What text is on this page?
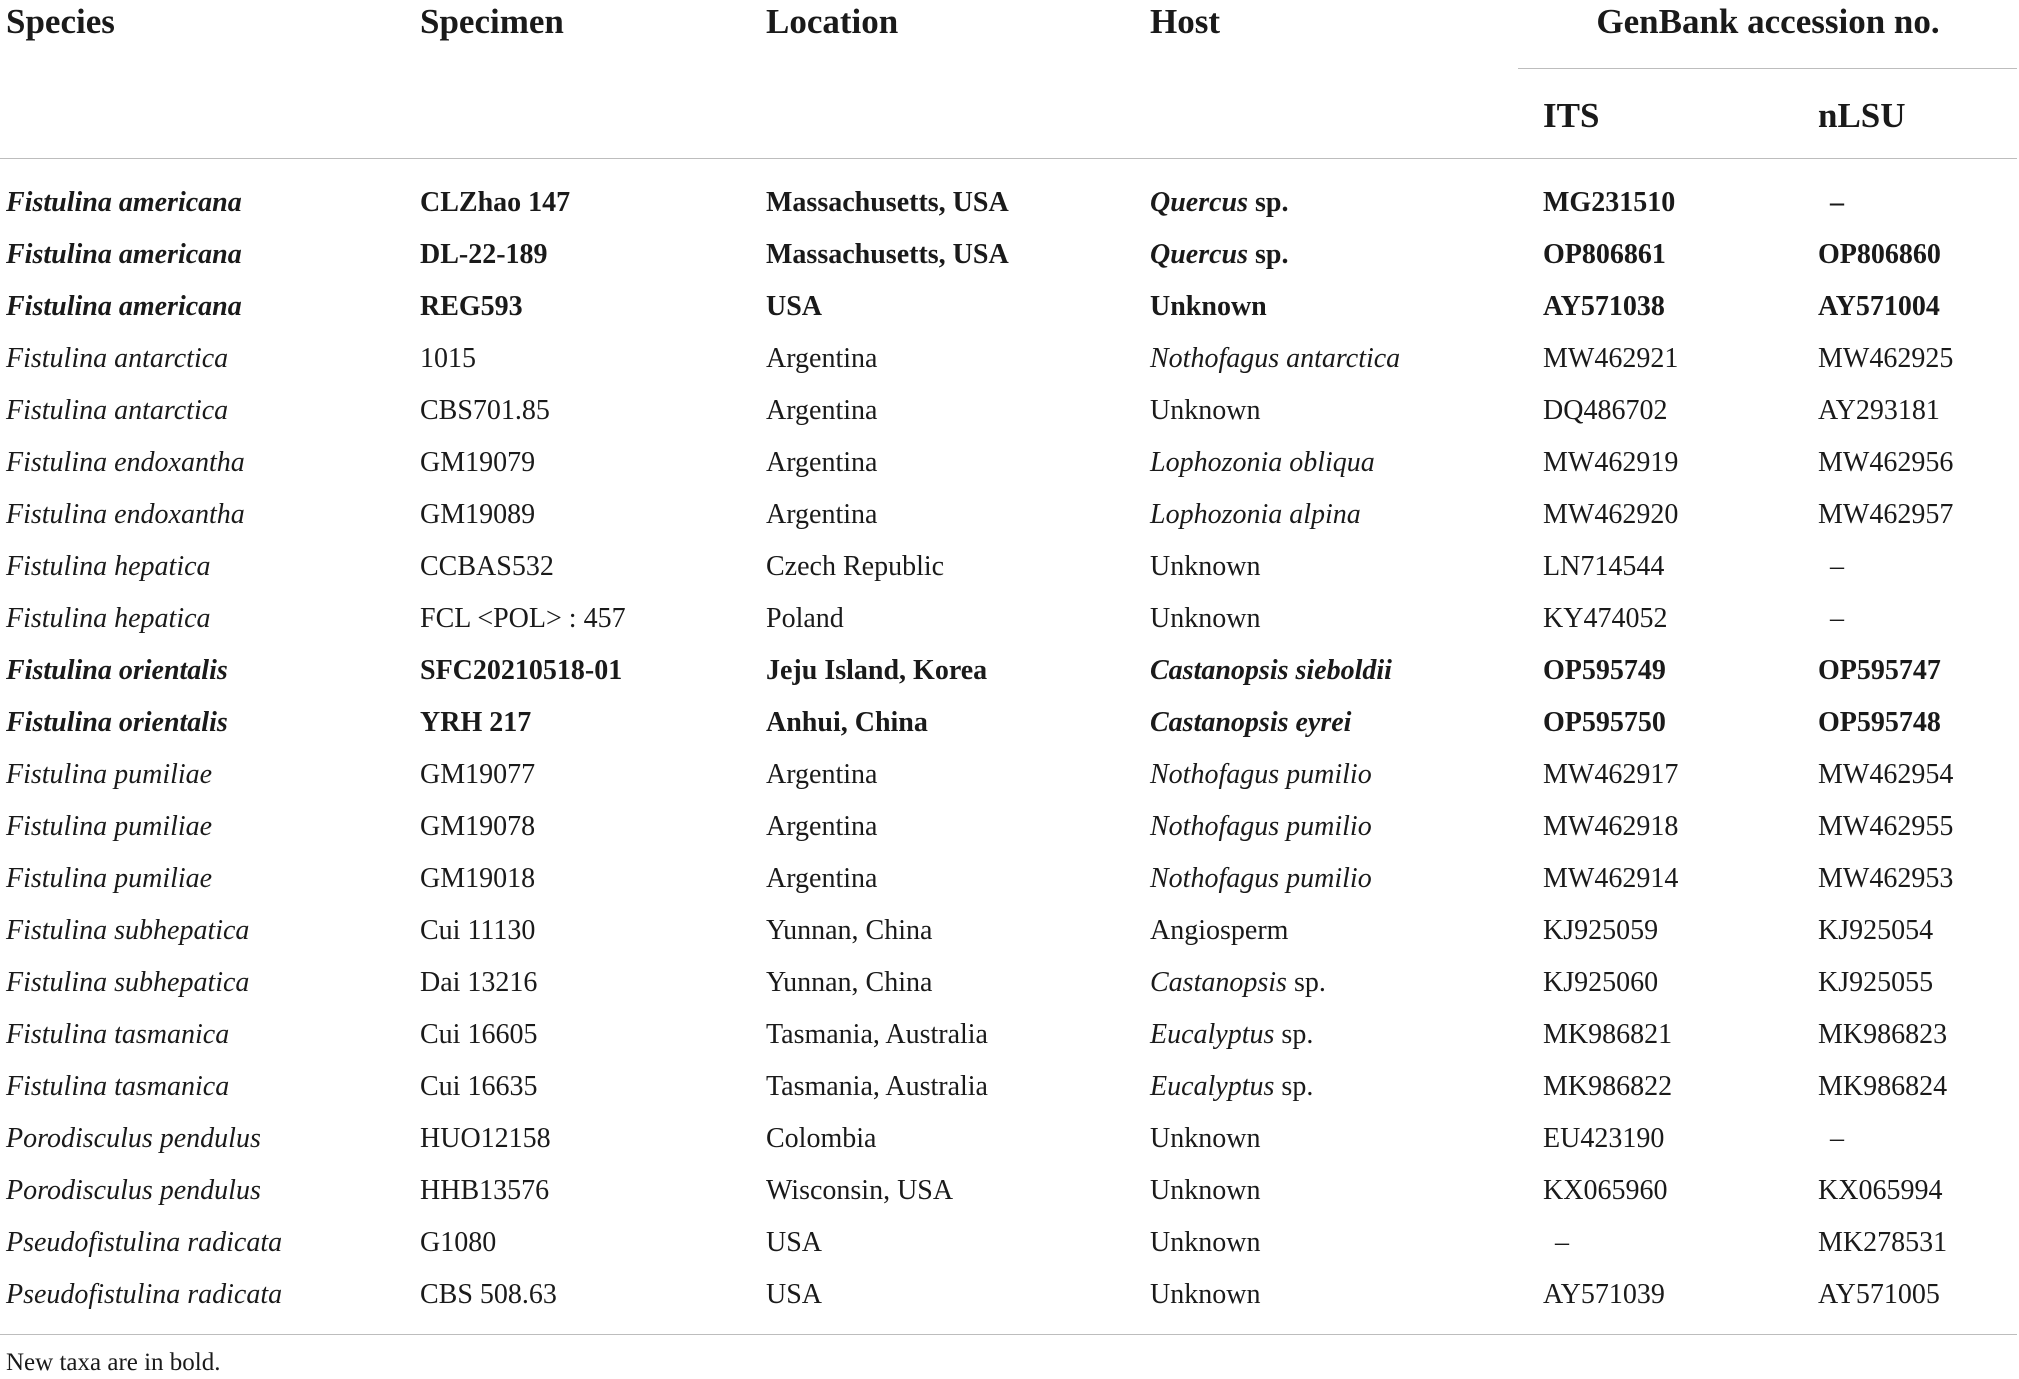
Species	Specimen	Location	Host	GenBank accession no.
ITS	nLSU
Fistulina americana	CLZhao 147	Massachusetts, USA	Quercus sp.	MG231510	–
Fistulina americana	DL-22-189	Massachusetts, USA	Quercus sp.	OP806861	OP806860
Fistulina americana	REG593	USA	Unknown	AY571038	AY571004
Fistulina antarctica	1015	Argentina	Nothofagus antarctica	MW462921	MW462925
Fistulina antarctica	CBS701.85	Argentina	Unknown	DQ486702	AY293181
Fistulina endoxantha	GM19079	Argentina	Lophozonia obliqua	MW462919	MW462956
Fistulina endoxantha	GM19089	Argentina	Lophozonia alpina	MW462920	MW462957
Fistulina hepatica	CCBAS532	Czech Republic	Unknown	LN714544	–
Fistulina hepatica	FCL <POL> : 457	Poland	Unknown	KY474052	–
Fistulina orientalis	SFC20210518-01	Jeju Island, Korea	Castanopsis sieboldii	OP595749	OP595747
Fistulina orientalis	YRH 217	Anhui, China	Castanopsis eyrei	OP595750	OP595748
Fistulina pumiliae	GM19077	Argentina	Nothofagus pumilio	MW462917	MW462954
Fistulina pumiliae	GM19078	Argentina	Nothofagus pumilio	MW462918	MW462955
Fistulina pumiliae	GM19018	Argentina	Nothofagus pumilio	MW462914	MW462953
Fistulina subhepatica	Cui 11130	Yunnan, China	Angiosperm	KJ925059	KJ925054
Fistulina subhepatica	Dai 13216	Yunnan, China	Castanopsis sp.	KJ925060	KJ925055
Fistulina tasmanica	Cui 16605	Tasmania, Australia	Eucalyptus sp.	MK986821	MK986823
Fistulina tasmanica	Cui 16635	Tasmania, Australia	Eucalyptus sp.	MK986822	MK986824
Porodisculus pendulus	HUO12158	Colombia	Unknown	EU423190	–
Porodisculus pendulus	HHB13576	Wisconsin, USA	Unknown	KX065960	KX065994
Pseudofistulina radicata	G1080	USA	Unknown	–	MK278531
Pseudofistulina radicata	CBS 508.63	USA	Unknown	AY571039	AY571005
New taxa are in bold.
